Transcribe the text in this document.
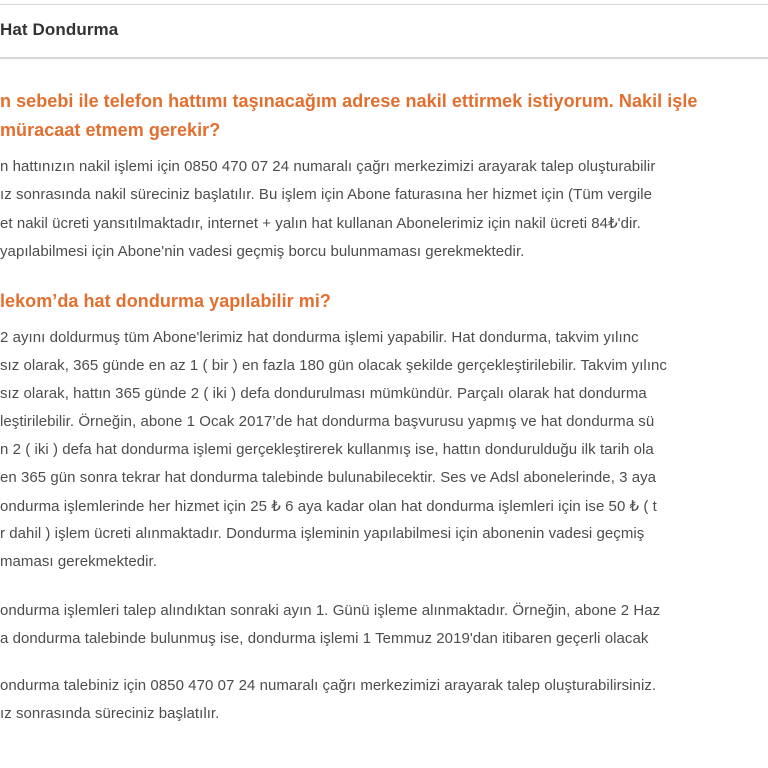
Hat Dondurma
n sebebi ile telefon hattımı taşınacağım adrese nakil ettirmek istiyorum. Nakil işle
müracaat etmem gerekir?
n hattınızın nakil işlemi için 0850 470 07 24 numaralı çağrı merkezimizi arayarak talep oluşturabilir
ız sonrasında nakil süreciniz başlatılır. Bu işlem için Abone faturasına her hizmet için (Tüm vergile
et nakil ücreti yansıtılmaktadır, internet + yalın hat kullanan Abonelerimiz için nakil ücreti 84₺'dir.
yapılabilmesi için Abone'nin vadesi geçmiş borcu bulunmaması gerekmektedir.
lekom’da hat dondurma yapılabilir mi?
2 ayını doldurmuş tüm Abone'lerimiz hat dondurma işlemi yapabilir. Hat dondurma, takvim yılınc
sız olarak, 365 günde en az 1 ( bir ) en fazla 180 gün olacak şekilde gerçekleştirilebilir. Takvim yılınc
sız olarak, hattın 365 günde 2 ( iki ) defa dondurulması mümkündür. Parçalı olarak hat dondurma
leştirilebilir. Örneğin, abone 1 Ocak 2017’de hat dondurma başvurusu yapmış ve hat dondurma sü
n 2 ( iki ) defa hat dondurma işlemi gerçekleştirerek kullanmış ise, hattın dondurulduğu ilk tarih ola
en 365 gün sonra tekrar hat dondurma talebinde bulunabilecektir. Ses ve Adsl abonelerinde, 3 aya
ondurma işlemlerinde her hizmet için 25 ₺ 6 aya kadar olan hat dondurma işlemleri için ise 50 ₺ ( t
r dahil ) işlem ücreti alınmaktadır. Dondurma işleminin yapılabilmesi için abonenin vadesi geçmiş
maması gerekmektedir.
ondurma işlemleri talep alındıktan sonraki ayın 1. Günü işleme alınmaktadır. Örneğin, abone 2 Haz
a dondurma talebinde bulunmuş ise, dondurma işlemi 1 Temmuz 2019'dan itibaren geçerli olacak
ondurma talebiniz için 0850 470 07 24 numaralı çağrı merkezimizi arayarak talep oluşturabilirsiniz.
ız sonrasında süreciniz başlatılır.
